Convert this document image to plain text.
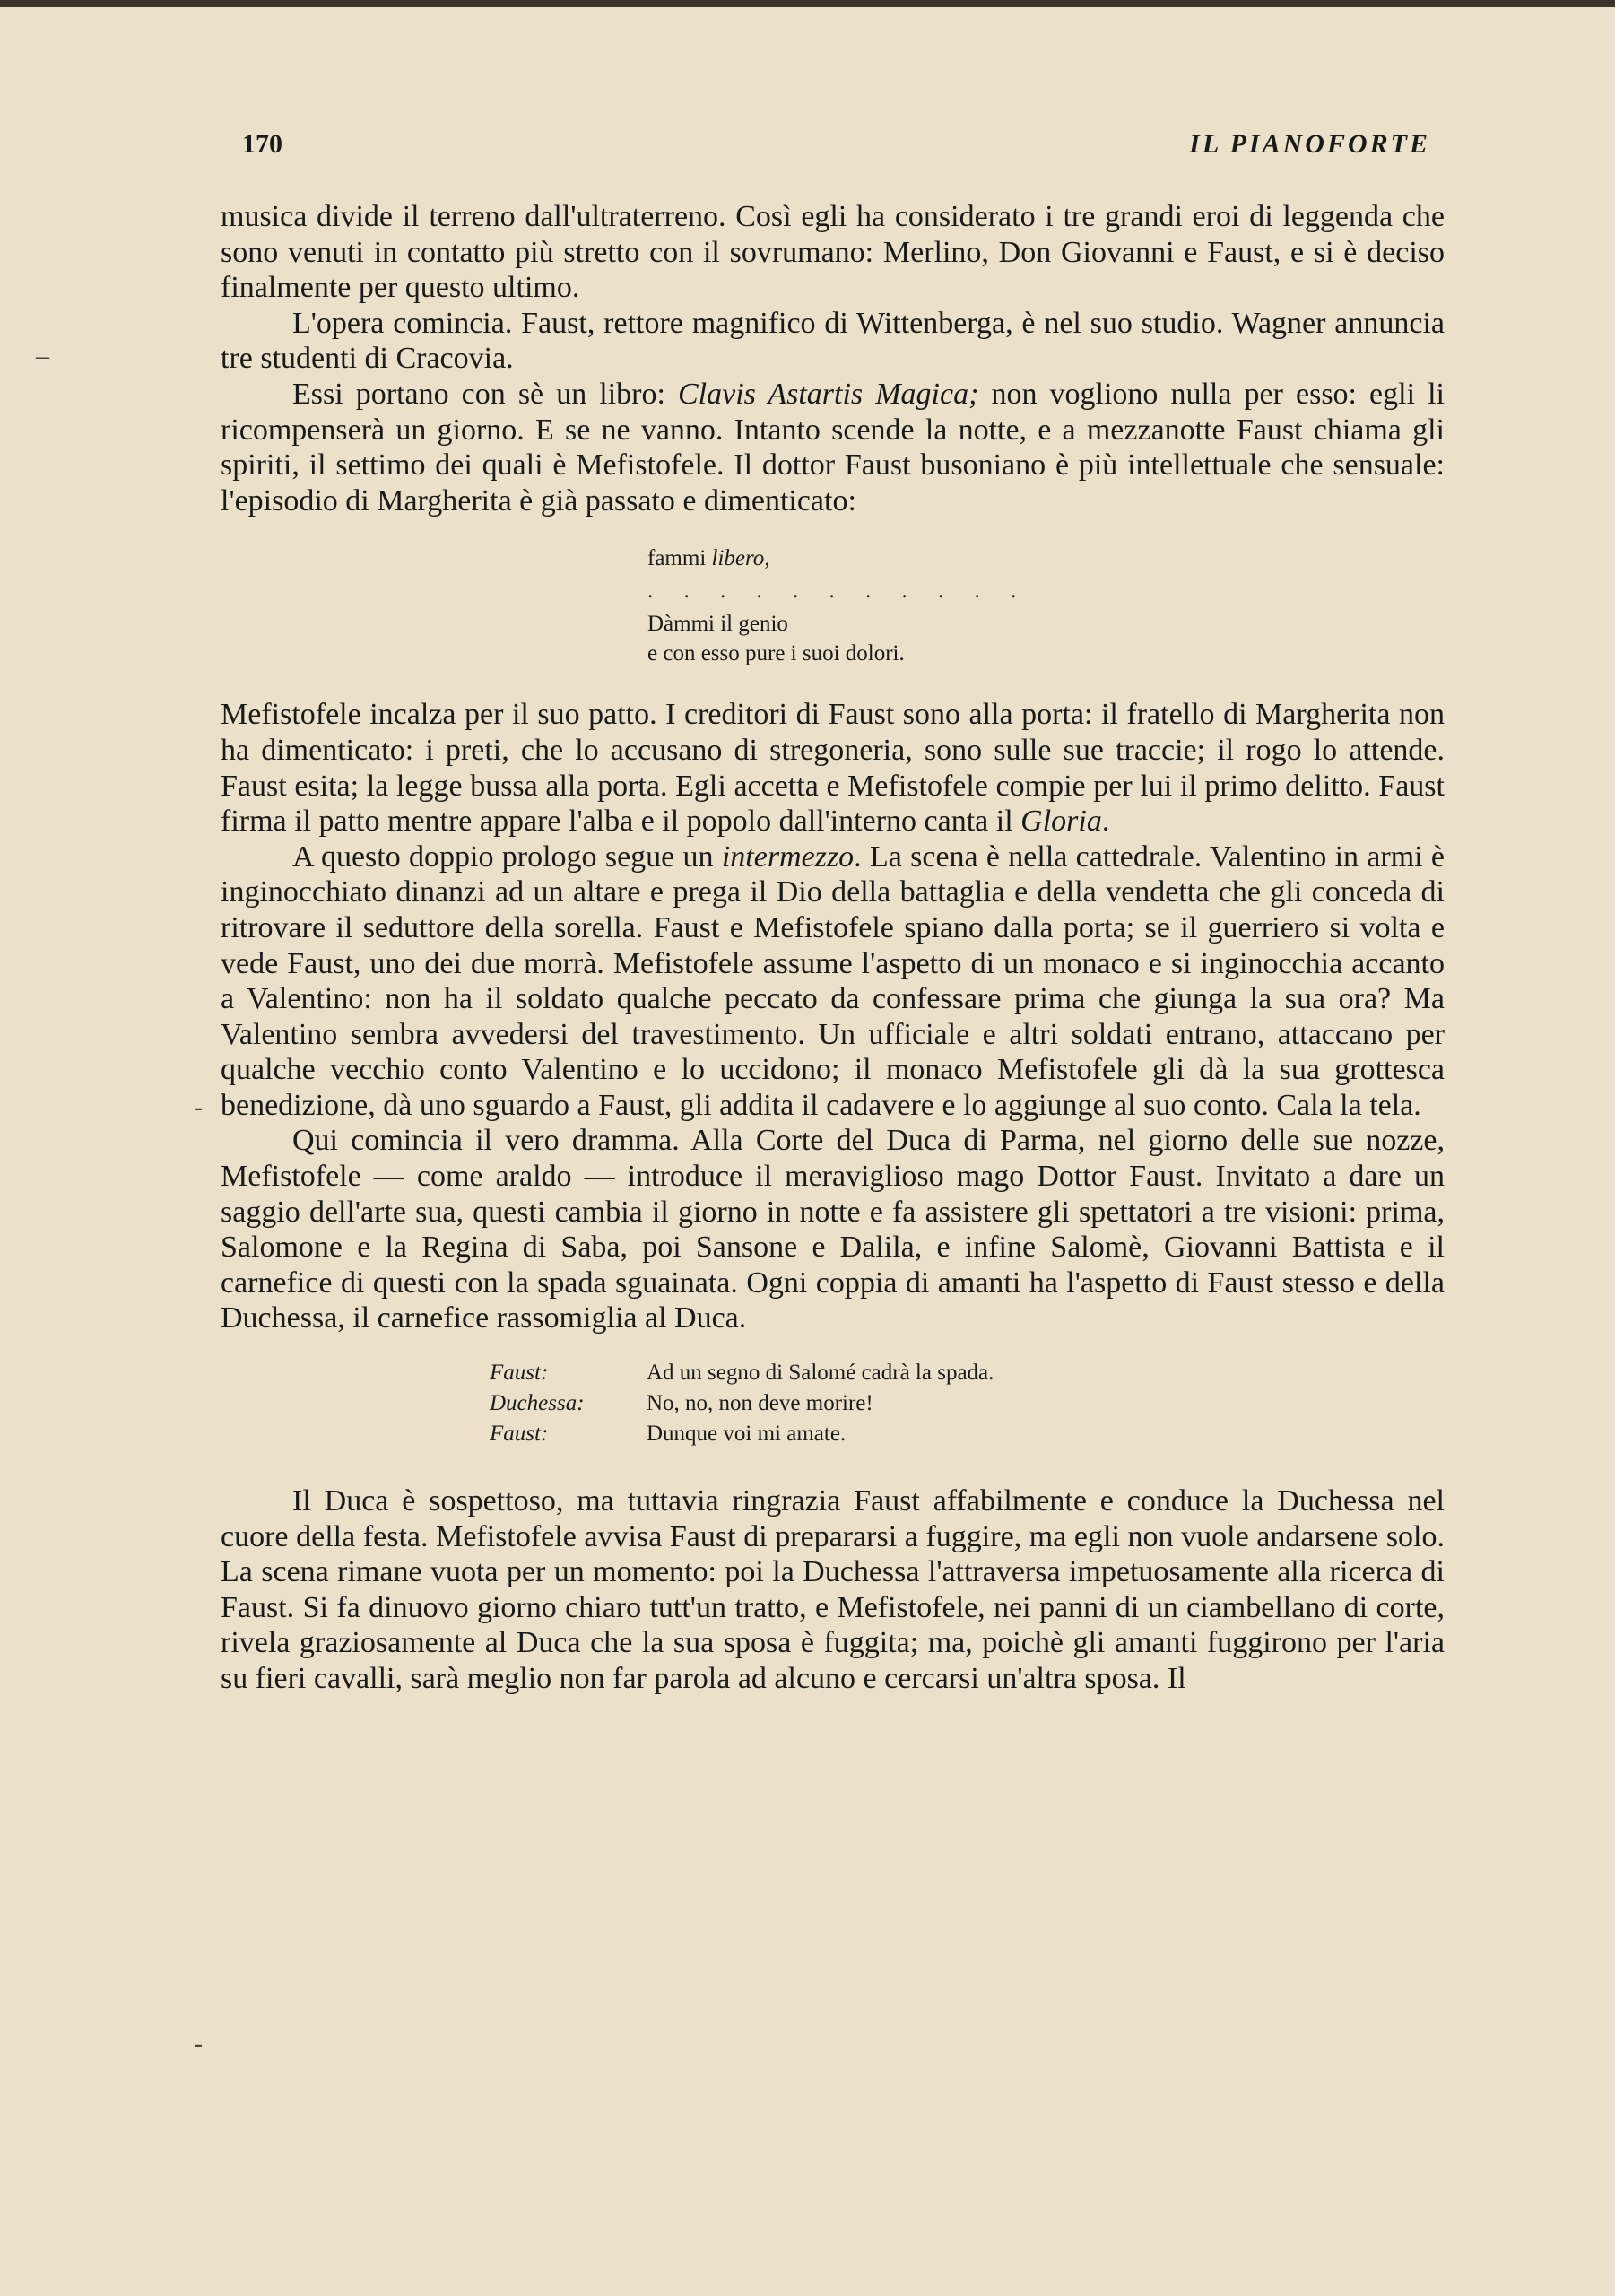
170	IL PIANOFORTE
–
-
-

musica divide il terreno dall'ultraterreno. Così egli ha considerato i tre grandi eroi di leggenda che sono venuti in contatto più stretto con il sovrumano: Merlino, Don Giovanni e Faust, e si è deciso finalmente per questo ultimo.

L'opera comincia. Faust, rettore magnifico di Wittenberga, è nel suo studio. Wagner annuncia tre studenti di Cracovia.

Essi portano con sè un libro: Clavis Astartis Magica; non vogliono nulla per esso: egli li ricompenserà un giorno. E se ne vanno. Intanto scende la notte, e a mezzanotte Faust chiama gli spiriti, il settimo dei quali è Mefistofele. Il dottor Faust busoniano è più intellettuale che sensuale: l'episodio di Margherita è già passato e dimenticato:

fammi libero,
. . . . . . . . . . .
Dàmmi il genio
e con esso pure i suoi dolori.

Mefistofele incalza per il suo patto. I creditori di Faust sono alla porta: il fratello di Margherita non ha dimenticato: i preti, che lo accusano di stregoneria, sono sulle sue traccie; il rogo lo attende. Faust esita; la legge bussa alla porta. Egli accetta e Mefistofele compie per lui il primo delitto. Faust firma il patto mentre appare l'alba e il popolo dall'interno canta il Gloria.

A questo doppio prologo segue un intermezzo. La scena è nella cattedrale. Valentino in armi è inginocchiato dinanzi ad un altare e prega il Dio della battaglia e della vendetta che gli conceda di ritrovare il seduttore della sorella. Faust e Mefistofele spiano dalla porta; se il guerriero si volta e vede Faust, uno dei due morrà. Mefistofele assume l'aspetto di un monaco e si inginocchia accanto a Valentino: non ha il soldato qualche peccato da confessare prima che giunga la sua ora? Ma Valentino sembra avvedersi del travestimento. Un ufficiale e altri soldati entrano, attaccano per qualche vecchio conto Valentino e lo uccidono; il monaco Mefistofele gli dà la sua grottesca benedizione, dà uno sguardo a Faust, gli addita il cadavere e lo aggiunge al suo conto. Cala la tela.

Qui comincia il vero dramma. Alla Corte del Duca di Parma, nel giorno delle sue nozze, Mefistofele — come araldo — introduce il meraviglioso mago Dottor Faust. Invitato a dare un saggio dell'arte sua, questi cambia il giorno in notte e fa assistere gli spettatori a tre visioni: prima, Salomone e la Regina di Saba, poi Sansone e Dalila, e infine Salomè, Giovanni Battista e il carnefice di questi con la spada sguainata. Ogni coppia di amanti ha l'aspetto di Faust stesso e della Duchessa, il carnefice rassomiglia al Duca.

Faust:	Ad un segno di Salomé cadrà la spada.
Duchessa:	No, no, non deve morire!
Faust:	Dunque voi mi amate.

Il Duca è sospettoso, ma tuttavia ringrazia Faust affabilmente e conduce la Duchessa nel cuore della festa. Mefistofele avvisa Faust di prepararsi a fuggire, ma egli non vuole andarsene solo. La scena rimane vuota per un momento: poi la Duchessa l'attraversa impetuosamente alla ricerca di Faust. Si fa dinuovo giorno chiaro tutt'un tratto, e Mefistofele, nei panni di un ciambellano di corte, rivela graziosamente al Duca che la sua sposa è fuggita; ma, poichè gli amanti fuggirono per l'aria su fieri cavalli, sarà meglio non far parola ad alcuno e cercarsi un'altra sposa. Il
